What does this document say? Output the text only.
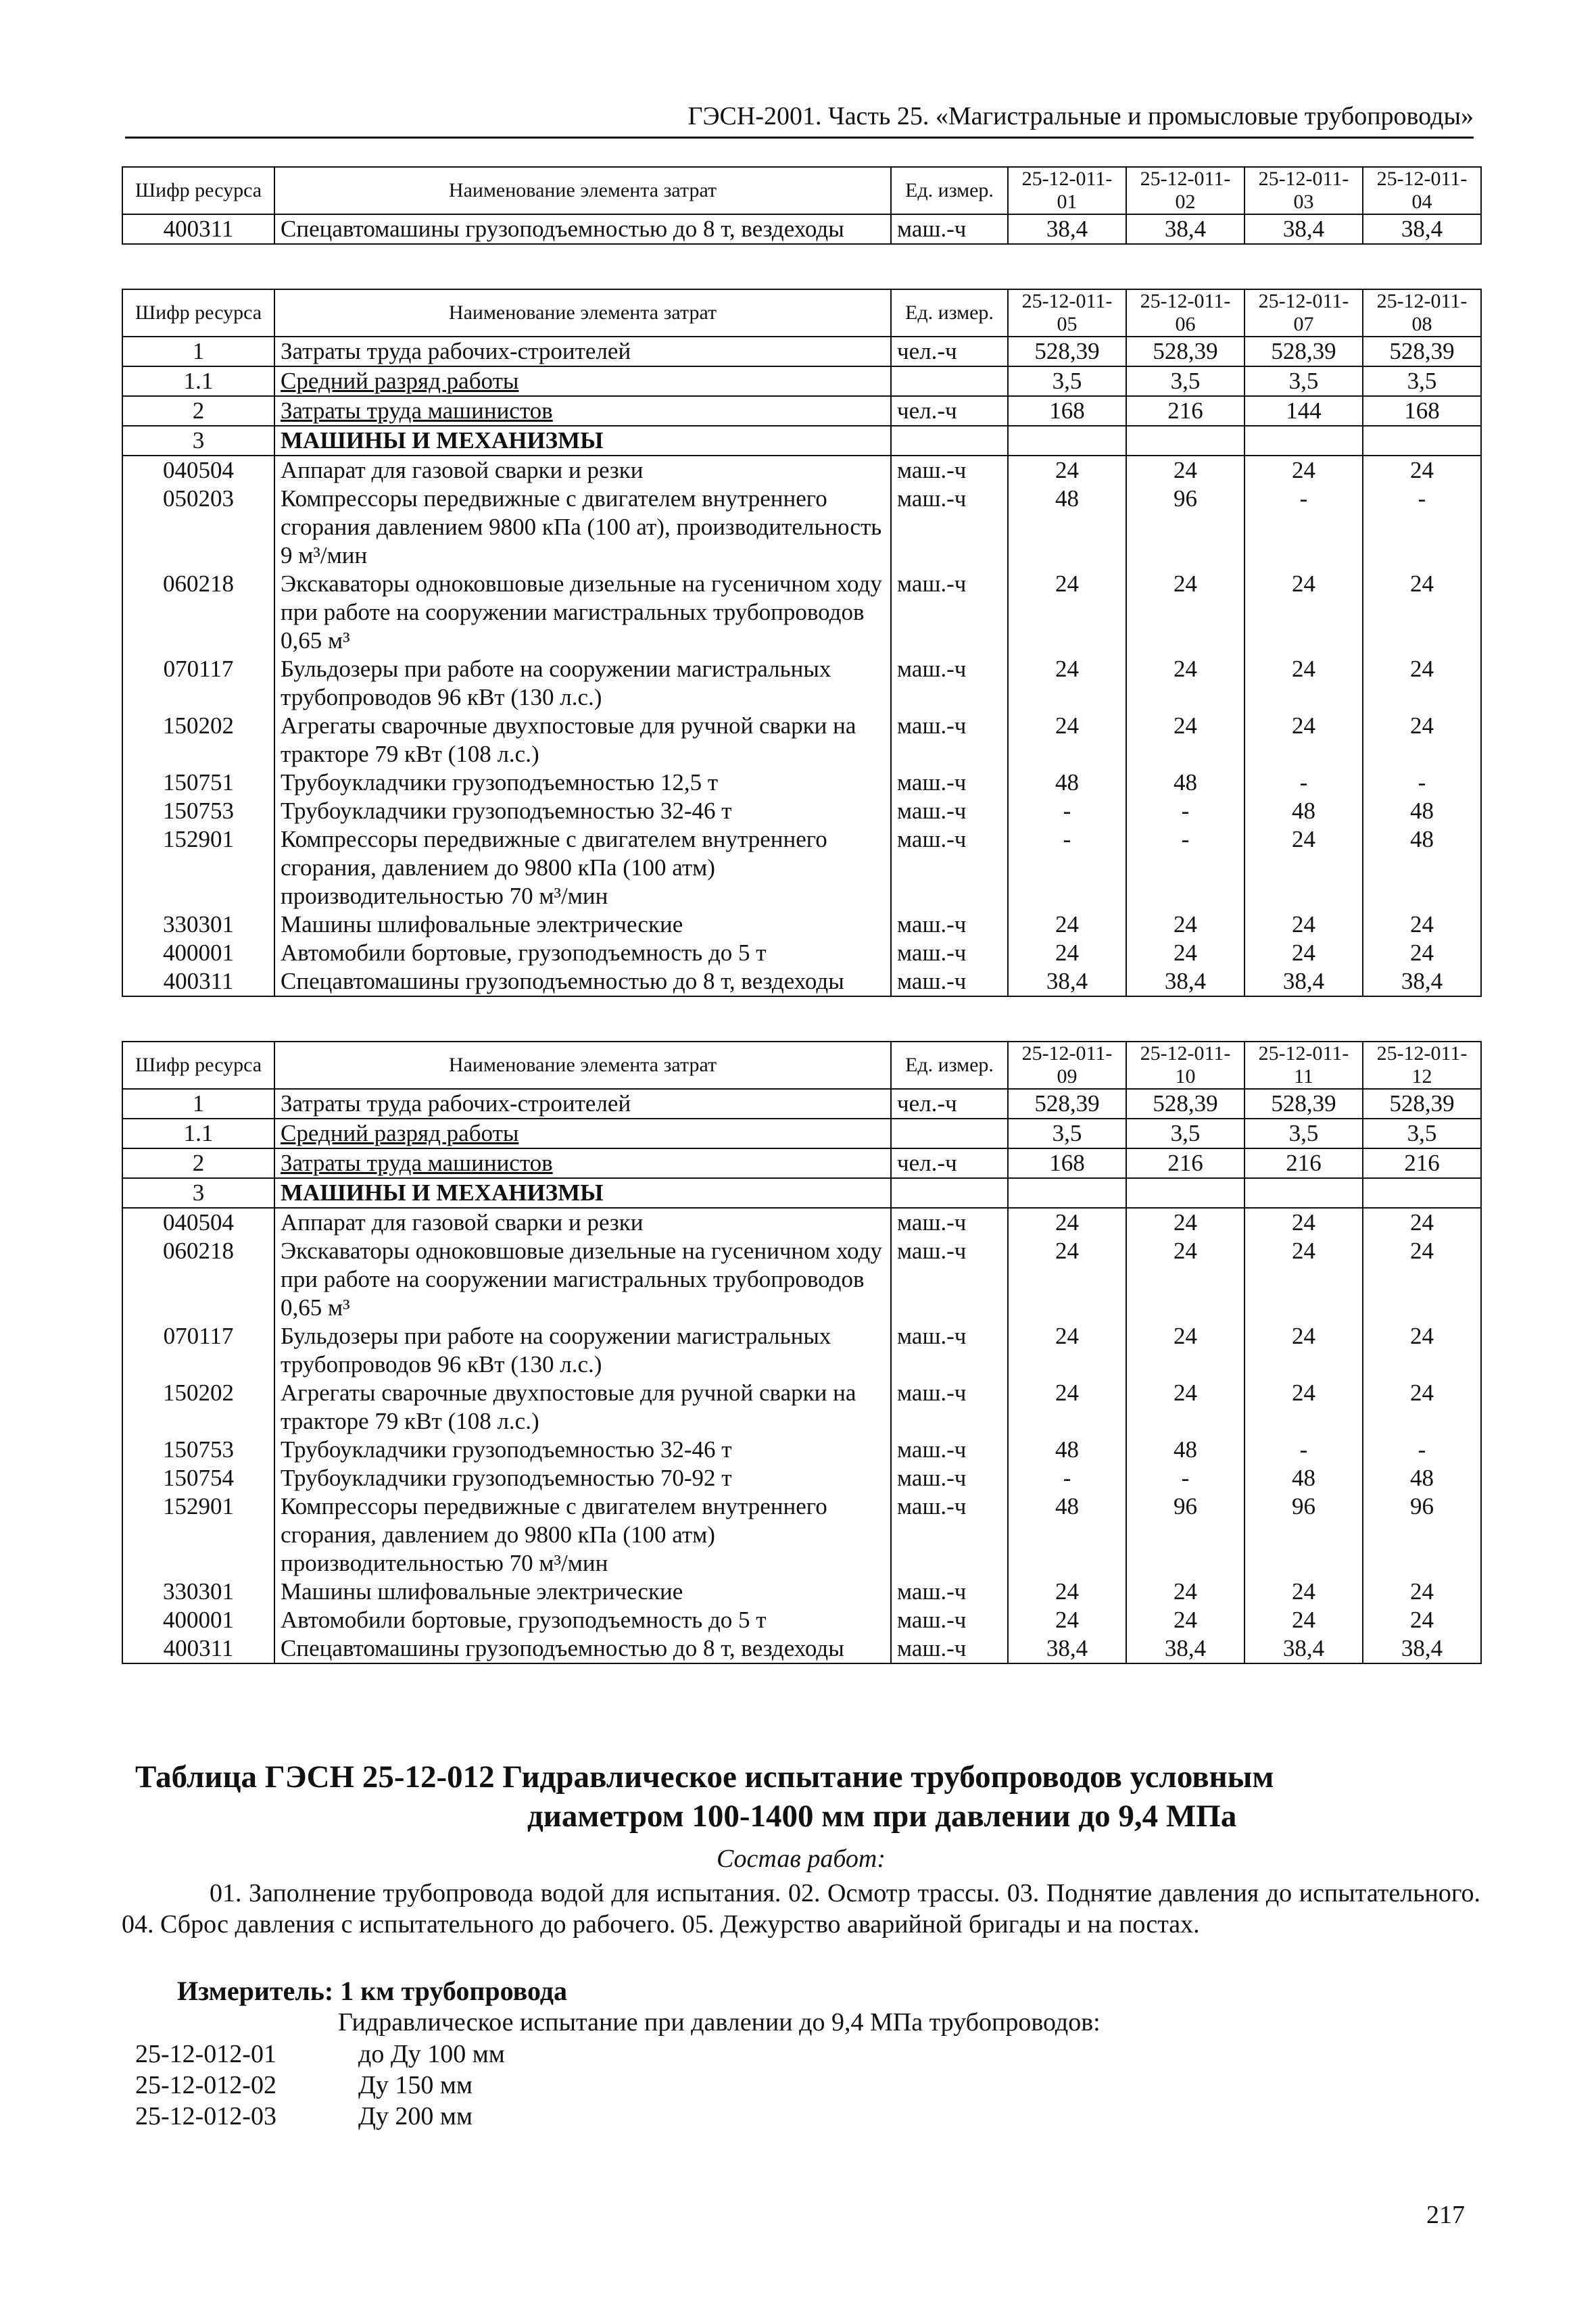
ГЭСН-2001. Часть 25. «Магистральные и промысловые трубопроводы»
Шифр ресурса	Наименование элемента затрат	Ед. измер.	25-12-011-01	25-12-011-02	25-12-011-03	25-12-011-04
400311	Спецавтомашины грузоподъемностью до 8 т, вездеходы	маш.-ч	38,4	38,4	38,4	38,4
Шифр ресурса	Наименование элемента затрат	Ед. измер.	25-12-011-05	25-12-011-06	25-12-011-07	25-12-011-08
1	Затраты труда рабочих-строителей	чел.-ч	528,39	528,39	528,39	528,39
1.1	Средний разряд работы		3,5	3,5	3,5	3,5
2	Затраты труда машинистов	чел.-ч	168	216	144	168
3	МАШИНЫ И МЕХАНИЗМЫ					
040504	Аппарат для газовой сварки и резки	маш.-ч	24	24	24	24
050203	Компрессоры передвижные с двигателем внутреннего сгорания давлением 9800 кПа (100 ат), производительность 9 м³/мин	маш.-ч	48	96	-	-
060218	Экскаваторы одноковшовые дизельные на гусеничном ходу при работе на сооружении магистральных трубопроводов 0,65 м³	маш.-ч	24	24	24	24
070117	Бульдозеры при работе на сооружении магистральных трубопроводов 96 кВт (130 л.с.)	маш.-ч	24	24	24	24
150202	Агрегаты сварочные двухпостовые для ручной сварки на тракторе 79 кВт (108 л.с.)	маш.-ч	24	24	24	24
150751	Трубоукладчики грузоподъемностью 12,5 т	маш.-ч	48	48	-	-
150753	Трубоукладчики грузоподъемностью 32-46 т	маш.-ч	-	-	48	48
152901	Компрессоры передвижные с двигателем внутреннего сгорания, давлением до 9800 кПа (100 атм) производительностью 70 м³/мин	маш.-ч	-	-	24	48
330301	Машины шлифовальные электрические	маш.-ч	24	24	24	24
400001	Автомобили бортовые, грузоподъемность до 5 т	маш.-ч	24	24	24	24
400311	Спецавтомашины грузоподъемностью до 8 т, вездеходы	маш.-ч	38,4	38,4	38,4	38,4
Шифр ресурса	Наименование элемента затрат	Ед. измер.	25-12-011-09	25-12-011-10	25-12-011-11	25-12-011-12
1	Затраты труда рабочих-строителей	чел.-ч	528,39	528,39	528,39	528,39
1.1	Средний разряд работы		3,5	3,5	3,5	3,5
2	Затраты труда машинистов	чел.-ч	168	216	216	216
3	МАШИНЫ И МЕХАНИЗМЫ					
040504	Аппарат для газовой сварки и резки	маш.-ч	24	24	24	24
060218	Экскаваторы одноковшовые дизельные на гусеничном ходу при работе на сооружении магистральных трубопроводов 0,65 м³	маш.-ч	24	24	24	24
070117	Бульдозеры при работе на сооружении магистральных трубопроводов 96 кВт (130 л.с.)	маш.-ч	24	24	24	24
150202	Агрегаты сварочные двухпостовые для ручной сварки на тракторе 79 кВт (108 л.с.)	маш.-ч	24	24	24	24
150753	Трубоукладчики грузоподъемностью 32-46 т	маш.-ч	48	48	-	-
150754	Трубоукладчики грузоподъемностью 70-92 т	маш.-ч	-	-	48	48
152901	Компрессоры передвижные с двигателем внутреннего сгорания, давлением до 9800 кПа (100 атм) производительностью 70 м³/мин	маш.-ч	48	96	96	96
330301	Машины шлифовальные электрические	маш.-ч	24	24	24	24
400001	Автомобили бортовые, грузоподъемность до 5 т	маш.-ч	24	24	24	24
400311	Спецавтомашины грузоподъемностью до 8 т, вездеходы	маш.-ч	38,4	38,4	38,4	38,4
Таблица ГЭСН 25-12-012 Гидравлическое испытание трубопроводов условным
диаметром 100-1400 мм при давлении до 9,4 МПа
Состав работ:
01. Заполнение трубопровода водой для испытания. 02. Осмотр трассы. 03. Поднятие давления до испытательного. 04. Сброс давления с испытательного до рабочего. 05. Дежурство аварийной бригады и на постах.
Измеритель: 1 км трубопровода
Гидравлическое испытание при давлении до 9,4 МПа трубопроводов:
25-12-012-01	до Ду 100 мм
25-12-012-02	Ду 150 мм
25-12-012-03	Ду 200 мм
217
